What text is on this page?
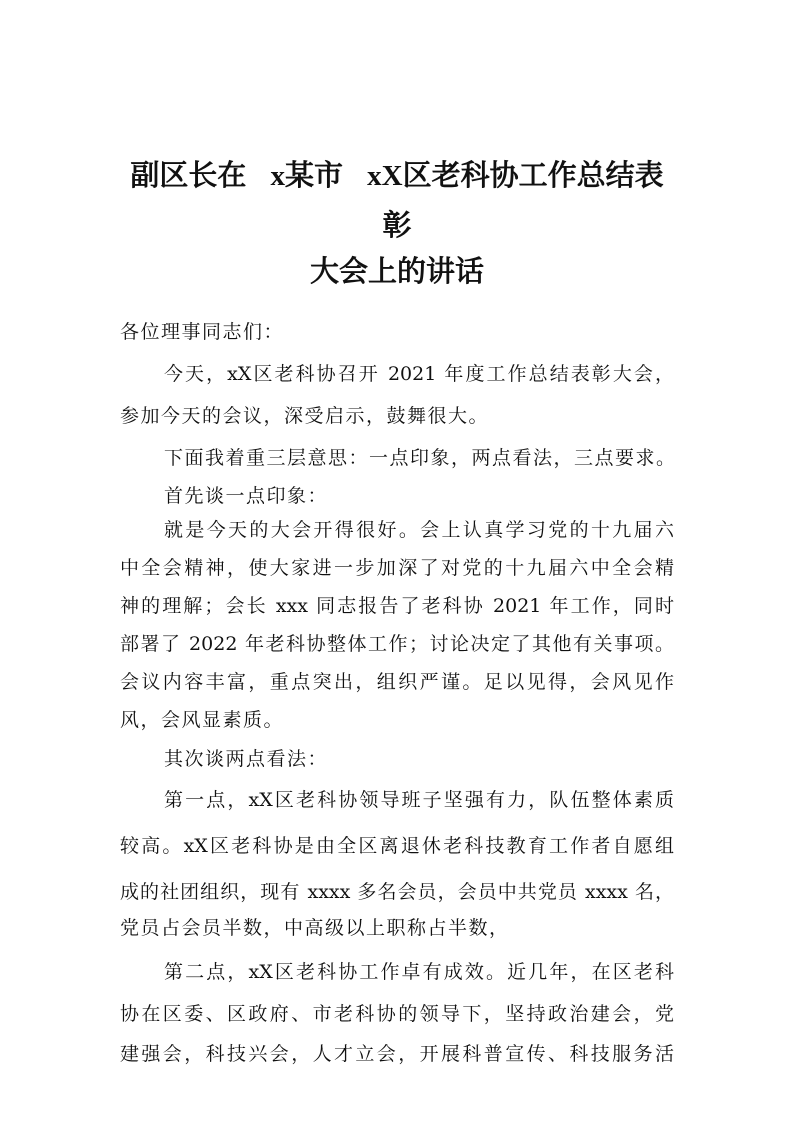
副区长在 x某市 xX区老科协工作总结表
彰
大会上的讲话
各位理事同志们：
今天，xX区老科协召开 2021 年度工作总结表彰大会，
参加今天的会议，深受启示，鼓舞很大。
下面我着重三层意思：一点印象，两点看法，三点要求。
首先谈一点印象：
就是今天的大会开得很好。会上认真学习党的十九届六
中全会精神，使大家进一步加深了对党的十九届六中全会精
神的理解；会长 xxx 同志报告了老科协 2021 年工作，同时
部署了 2022 年老科协整体工作；讨论决定了其他有关事项。
会议内容丰富，重点突出，组织严谨。足以见得，会风见作
风，会风显素质。
其次谈两点看法：
第一点，xX区老科协领导班子坚强有力，队伍整体素质
较高。xX区老科协是由全区离退休老科技教育工作者自愿组
成的社团组织，现有 xxxx 多名会员，会员中共党员 xxxx 名，
党员占会员半数，中高级以上职称占半数，
第二点，xX区老科协工作卓有成效。近几年，在区老科
协在区委、区政府、市老科协的领导下，坚持政治建会，党
建强会，科技兴会，人才立会，开展科普宣传、科技服务活
